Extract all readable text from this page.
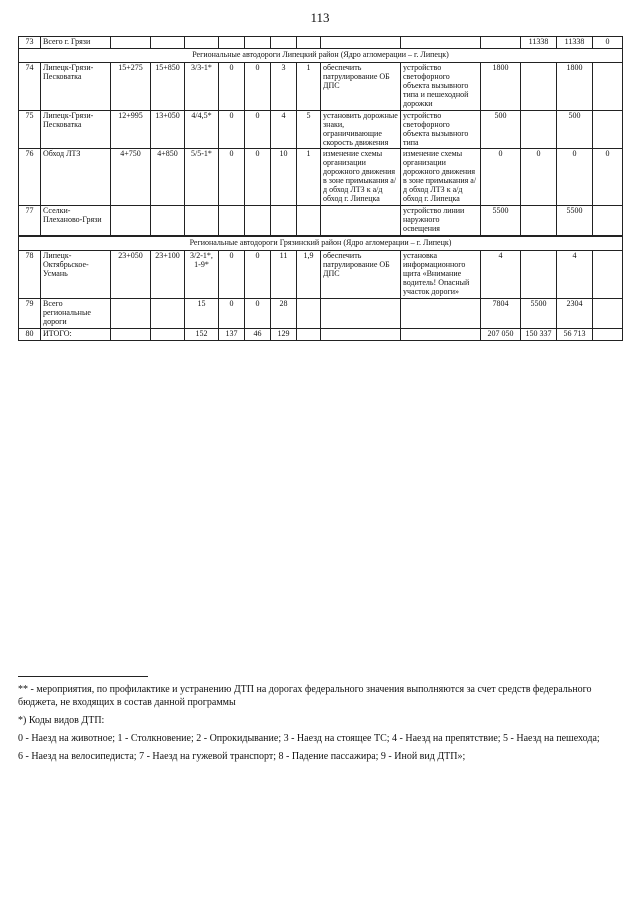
113
73	Всего г. Грязи											11338	11338	0
Региональные автодороги Липецкий район (Ядро агломерации – г. Липецк)														
74	Липецк-Грязи-Песковатка	15+275	15+850	3/3-1*	0	0	3	1	обеспечить патрулирование ОБ ДПС	устройство светофорного объекта вызывного типа и пешеходной дорожки	1800		1800	
75	Липецк-Грязи-Песковатка	12+995	13+050	4/4,5*	0	0	4	5	установить дорожные знаки, ограничивающие скорость движения	устройство светофорного объекта вызывного типа	500		500	
76	Обход ЛТЗ	4+750	4+850	5/5-1*	0	0	10	1	изменение схемы организации дорожного движения в зоне примыкания а/д обход ЛТЗ к а/д обход г. Липецка	изменение схемы организации дорожного движения в зоне примыкания а/д обход ЛТЗ к а/д обход г. Липецка	0	0	0	0
77	Сселки-Плеханово-Грязи									устройство линии наружного освещения	5500		5500	
Региональные автодороги Грязинский район (Ядро агломерации – г. Липецк)														
78	Липецк-Октябрьское-Усмань	23+050	23+100	3/2-1*, 1-9*	0	0	11	1,9	обеспечить патрулирование ОБ ДПС	установка информационного щита «Внимание водитель! Опасный участок дороги»	4		4	
79	Всего региональные дороги			15	0	0	28				7804	5500	2304	
80	ИТОГО:			152	137	46	129				207 050	150 337	56 713	

** - мероприятия, по профилактике и устранению ДТП на дорогах федерального значения выполняются за счет средств федерального бюджета, не входящих в состав данной программы

*) Коды видов ДТП:

0 - Наезд на животное; 1 - Столкновение; 2 - Опрокидывание; 3 - Наезд на стоящее ТС; 4 - Наезд на препятствие; 5 - Наезд на пешехода;

6 - Наезд на велосипедиста; 7 - Наезд на гужевой транспорт; 8 - Падение пассажира; 9 - Иной вид ДТП»;
